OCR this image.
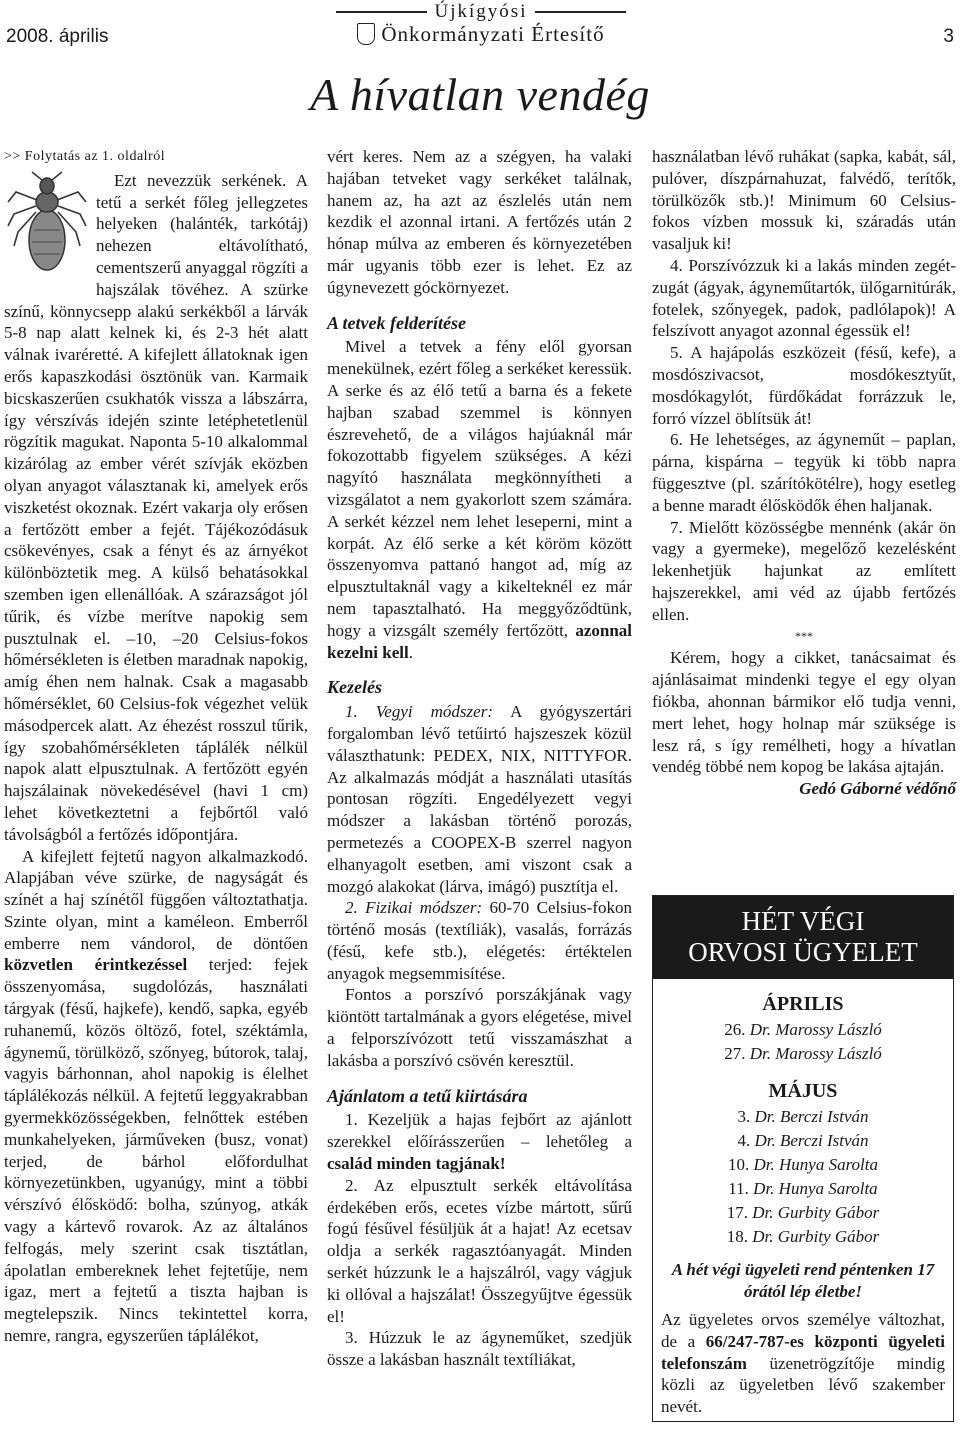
2008. április	3
Újkígyósi
Önkormányzati Értesítő
A hívatlan vendég
>> Folytatás az 1. oldalról

Ezt nevezzük serkének. A tetű a serkét főleg jellegzetes helyeken (halánték, tarkótáj) nehezen eltávolítható, cementszerű anyaggal rögzíti a hajszálak tövéhez. A szürke színű, könnycsepp alakú serkékből a lárvák 5-8 nap alatt kelnek ki, és 2-3 hét alatt válnak ivaréretté. A kifejlett állatoknak igen erős kapaszkodási ösztönük van. Karmaik bicskaszerűen csukhatók vissza a lábszárra, így vérszívás idején szinte letéphetetlenül rögzítik magukat. Naponta 5-10 alkalommal kizárólag az ember vérét szívják eközben olyan anyagot választanak ki, amelyek erős viszketést okoznak. Ezért vakarja oly erősen a fertőzött ember a fejét. Tájékozódásuk csökevényes, csak a fényt és az árnyékot különböztetik meg. A külső behatásokkal szemben igen ellenállóak. A szárazságot jól tűrik, és vízbe merítve napokig sem pusztulnak el. –10, –20 Celsius-fokos hőmérsékleten is életben maradnak napokig, amíg éhen nem halnak. Csak a magasabb hőmérséklet, 60 Celsius-fok végezhet velük másodpercek alatt. Az éhezést rosszul tűrik, így szobahőmérsékleten táplálék nélkül napok alatt elpusztulnak. A fertőzött egyén hajszálainak növekedésével (havi 1 cm) lehet következtetni a fejbőrtől való távolságból a fertőzés időpontjára.

A kifejlett fejtetű nagyon alkalmazkodó. Alapjában véve szürke, de nagyságát és színét a haj színétől függően változtathatja. Szinte olyan, mint a kaméleon. Emberről emberre nem vándorol, de döntően közvetlen érintkezéssel terjed: fejek összenyomása, sugdolózás, használati tárgyak (fésű, hajkefe), kendő, sapka, egyéb ruhanemű, közös öltöző, fotel, széktámla, ágynemű, törülköző, szőnyeg, bútorok, talaj, vagyis bárhonnan, ahol napokig is élelhet táplálékozás nélkül. A fejtetű leggyakrabban gyermekközösségekben, felnőttek estében munkahelyeken, járműveken (busz, vonat) terjed, de bárhol előfordulhat környezetünkben, ugyanúgy, mint a többi vérszívó élősködő: bolha, szúnyog, atkák vagy a kártevő rovarok. Az az általános felfogás, mely szerint csak tisztátlan, ápolatlan embereknek lehet fejtetűje, nem igaz, mert a fejtetű a tiszta hajban is megtelepszik. Nincs tekintettel korra, nemre, rangra, egyszerűen táplálékot,

vért keres. Nem az a szégyen, ha valaki hajában tetveket vagy serkéket találnak, hanem az, ha azt az észlelés után nem kezdik el azonnal irtani. A fertőzés után 2 hónap múlva az emberen és környezetében már ugyanis több ezer is lehet. Ez az úgynevezett góckörnyezet.

A tetvek felderítése

Mivel a tetvek a fény elől gyorsan menekülnek, ezért főleg a serkéket keressük. A serke és az élő tetű a barna és a fekete hajban szabad szemmel is könnyen észrevehető, de a világos hajúaknál már fokozottabb figyelem szükséges. A kézi nagyító használata megkönnyítheti a vizsgálatot a nem gyakorlott szem számára. A serkét kézzel nem lehet leseperni, mint a korpát. Az élő serke a két köröm között összenyomva pattanó hangot ad, míg az elpusztultaknál vagy a kikelteknél ez már nem tapasztalható. Ha meggyőződtünk, hogy a vizsgált személy fertőzött, azonnal kezelni kell.

Kezelés

1. Vegyi módszer: A gyógyszertári forgalomban lévő tetűirtó hajszeszek közül választhatunk: PEDEX, NIX, NITTYFOR. Az alkalmazás módját a használati utasítás pontosan rögzíti. Engedélyezett vegyi módszer a lakásban történő porozás, permetezés a COOPEX-B szerrel nagyon elhanyagolt esetben, ami viszont csak a mozgó alakokat (lárva, imágó) pusztítja el.

2. Fizikai módszer: 60-70 Celsius-fokon történő mosás (textíliák), vasalás, forrázás (fésű, kefe stb.), elégetés: értéktelen anyagok megsemmisítése.

Fontos a porszívó porszákjának vagy kiöntött tartalmának a gyors elégetése, mivel a felporszívózott tetű visszamászhat a lakásba a porszívó csövén keresztül.

Ajánlatom a tetű kiirtására

1. Kezeljük a hajas fejbőrt az ajánlott szerekkel előírásszerűen – lehetőleg a család minden tagjának!

2. Az elpusztult serkék eltávolítása érdekében erős, ecetes vízbe mártott, sűrű fogú fésűvel fésüljük át a hajat! Az ecetsav oldja a serkék ragasztóanyagát. Minden serkét húzzunk le a hajszálról, vagy vágjuk ki ollóval a hajszálat! Összegyűjtve égessük el!

3. Húzzuk le az ágyneműket, szedjük össze a lakásban használt textíliákat,

használatban lévő ruhákat (sapka, kabát, sál, pulóver, díszpárnahuzat, falvédő, terítők, törülközők stb.)! Minimum 60 Celsius-fokos vízben mossuk ki, száradás után vasaljuk ki!

4. Porszívózzuk ki a lakás minden zegét-zugát (ágyak, ágyneműtartók, ülőgarnitúrák, fotelek, szőnyegek, padok, padlólapok)! A felszívott anyagot azonnal égessük el!

5. A hajápolás eszközeit (fésű, kefe), a mosdószivacsot, mosdókesztyűt, mosdókagylót, fürdőkádat forrázzuk le, forró vízzel öblítsük át!

6. He lehetséges, az ágyneműt – paplan, párna, kispárna – tegyük ki több napra függesztve (pl. szárítókötélre), hogy esetleg a benne maradt élősködők éhen haljanak.

7. Mielőtt közösségbe mennénk (akár ön vagy a gyermeke), megelőző kezelésként lekenhetjük hajunkat az említett hajszerekkel, ami véd az újabb fertőzés ellen.

***

Kérem, hogy a cikket, tanácsaimat és ajánlásaimat mindenki tegye el egy olyan fiókba, ahonnan bármikor elő tudja venni, mert lehet, hogy holnap már szüksége is lesz rá, s így remélheti, hogy a hívatlan vendég többé nem kopog be lakása ajtaján.

Gedó Gáborné védőnő
HÉT VÉGI
ORVOSI ÜGYELET
ÁPRILIS
26. Dr. Marossy László
27. Dr. Marossy László
MÁJUS
3. Dr. Berczi István
4. Dr. Berczi István
10. Dr. Hunya Sarolta
11. Dr. Hunya Sarolta
17. Dr. Gurbity Gábor
18. Dr. Gurbity Gábor
A hét végi ügyeleti rend péntenken 17 órától lép életbe!
Az ügyeletes orvos személye változhat, de a 66/247-787-es központi ügyeleti telefonszám üzenetrögzítője mindig közli az ügyeletben lévő szakember nevét.
